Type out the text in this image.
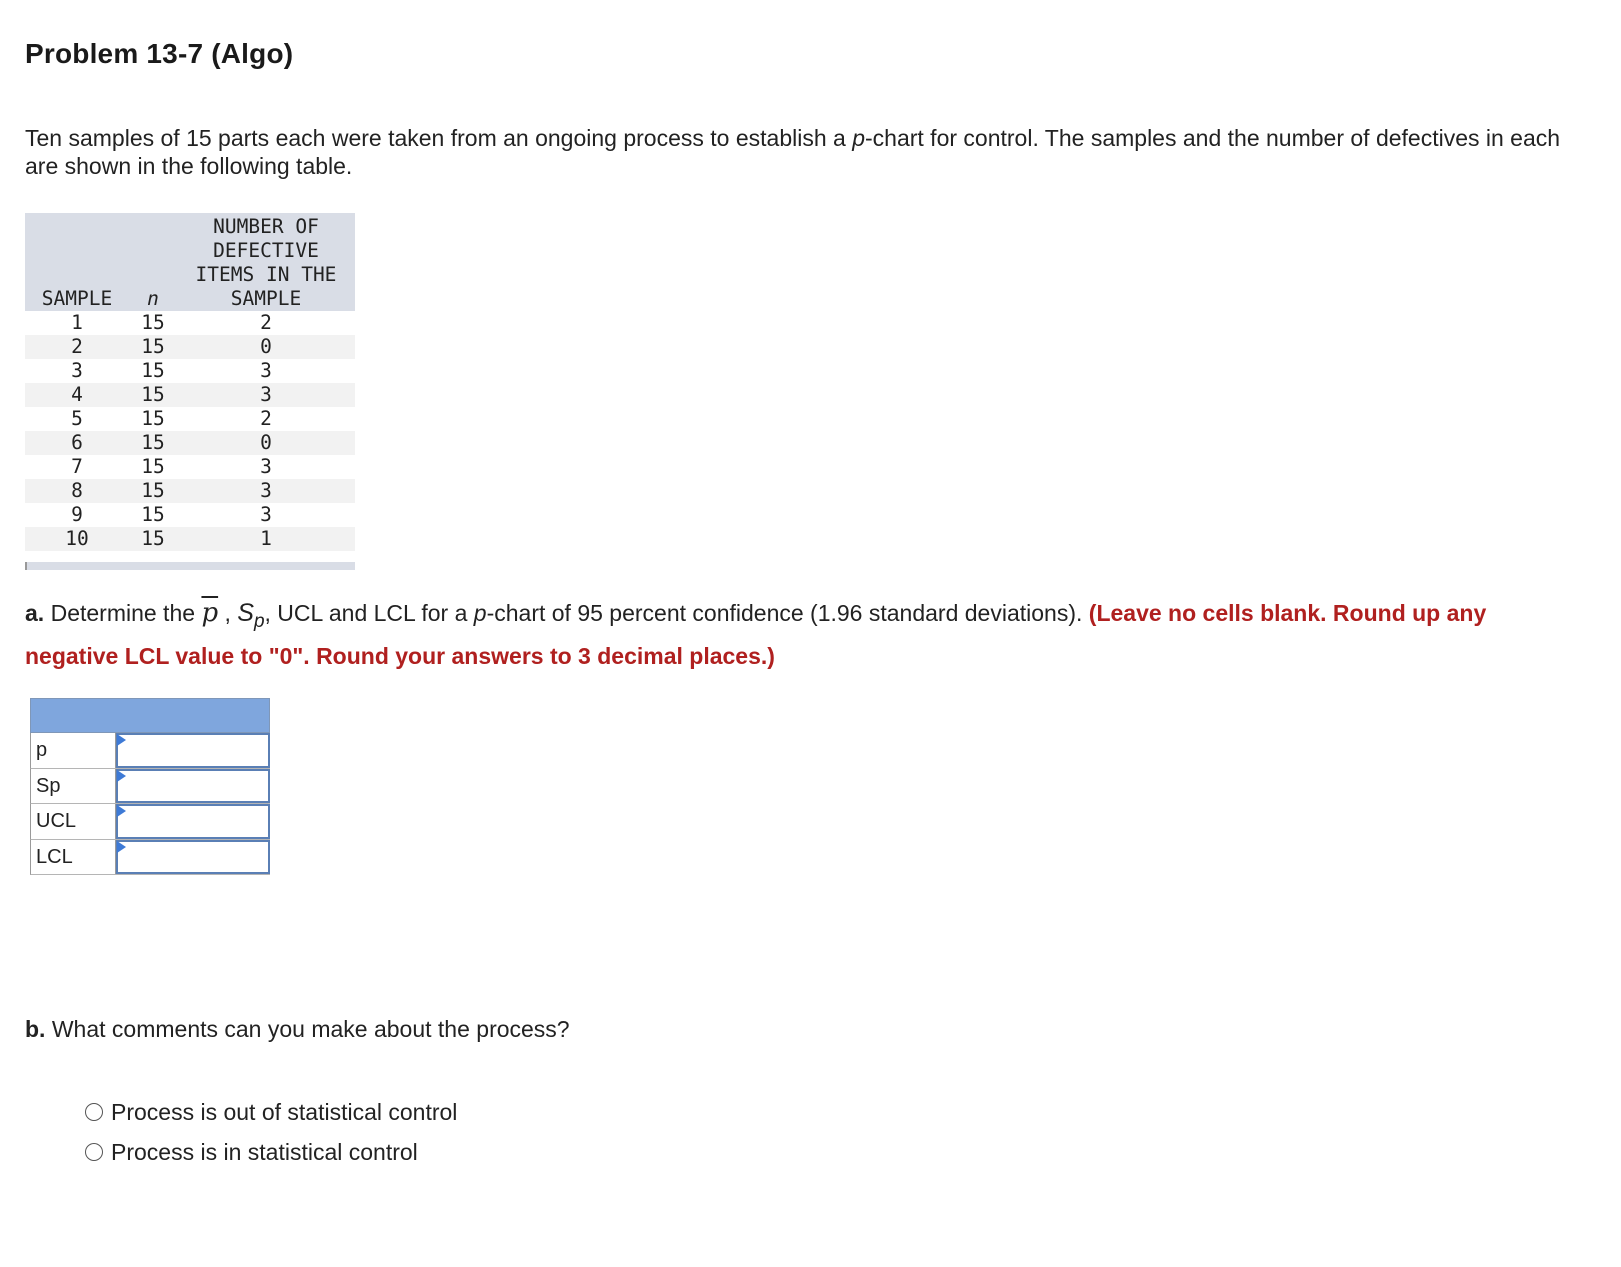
Problem 13-7 (Algo)
Ten samples of 15 parts each were taken from an ongoing process to establish a p-chart for control. The samples and the number of defectives in each are shown in the following table.
SAMPLE	n	NUMBER OF
DEFECTIVE
ITEMS IN THE
SAMPLE

1	15	2
2	15	0
3	15	3
4	15	3
5	15	2
6	15	0
7	15	3
8	15	3
9	15	3
10	15	1
a. Determine the $\overline{p}$ , $S_p$, UCL and LCL for a p-chart of 95 percent confidence (1.96 standard deviations). (Leave no cells blank. Round up any negative LCL value to "0". Round your answers to 3 decimal places.)
p
Sp
UCL
LCL
b. What comments can you make about the process?
Process is out of statistical control
Process is in statistical control
